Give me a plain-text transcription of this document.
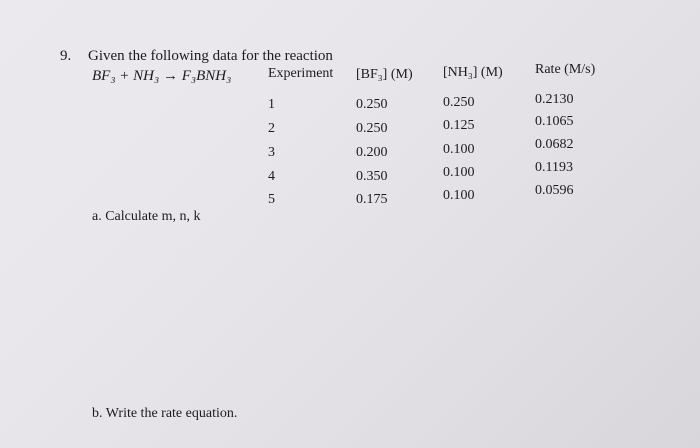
9. Given the following data for the reaction
BF₃ + NH₃ → F₃BNH₃	Experiment [BF₃] (M) [NH₃] (M) Rate (M/s)
1	0.250	0.250	0.2130
2	0.250	0.125	0.1065
3	0.200	0.100	0.0682
4	0.350	0.100	0.1193
5	0.175	0.100	0.0596
a. Calculate m, n, k
b. Write the rate equation.
